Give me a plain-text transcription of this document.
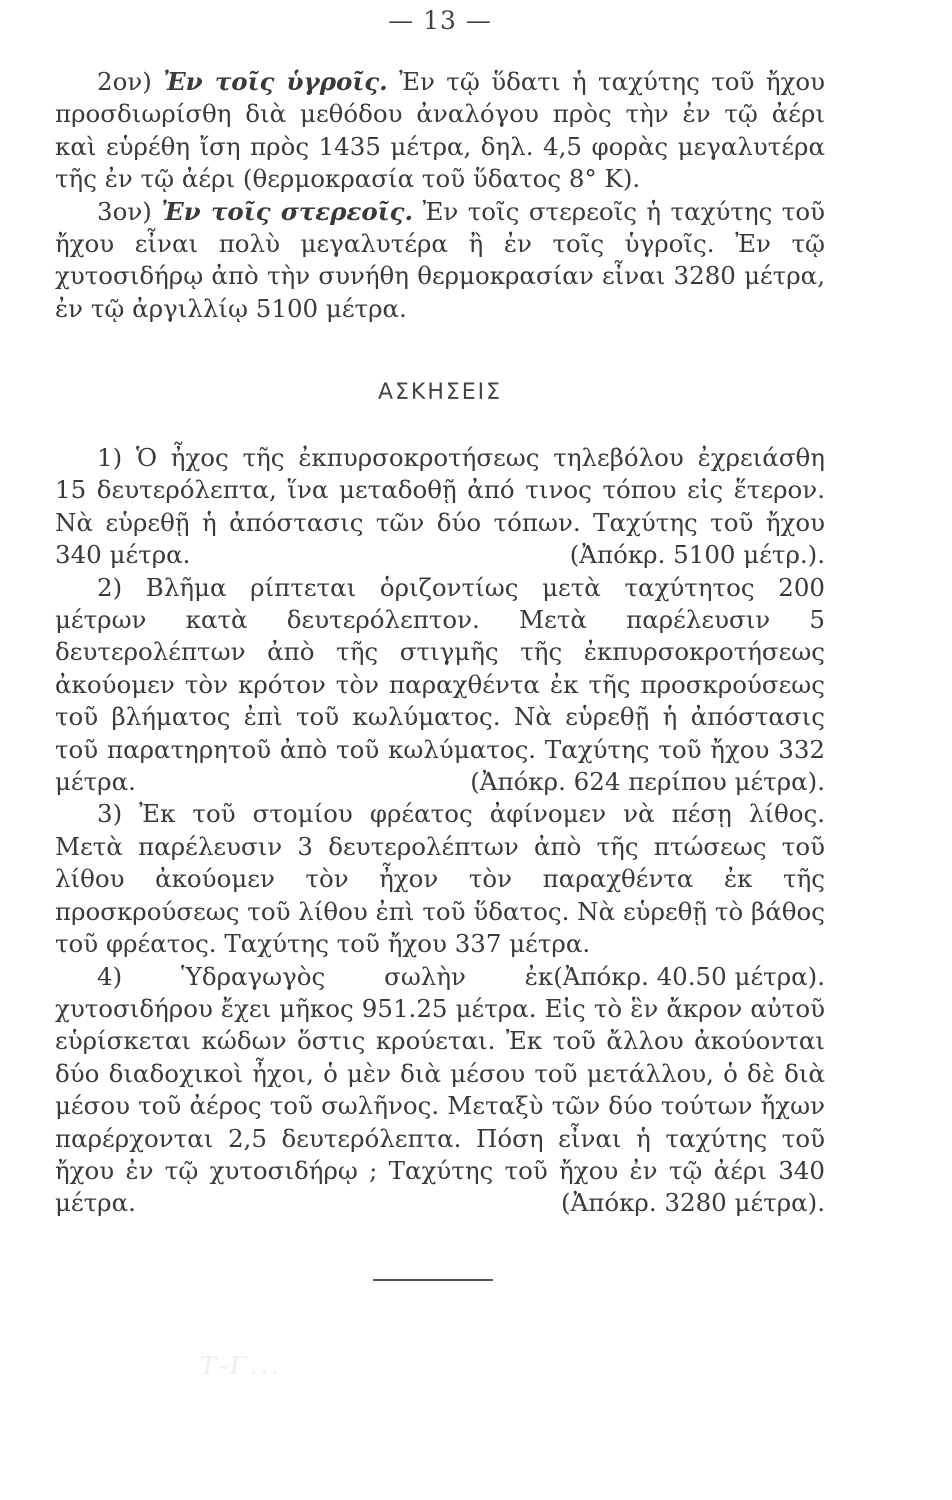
— 13 —

2ον) Ἐν τοῖς ὑγροῖς. Ἐν τῷ ὕδατι ἡ ταχύτης τοῦ ἤχου προσδιωρίσθη διὰ μεθόδου ἀναλόγου πρὸς τὴν ἐν τῷ ἀέρι καὶ εὑρέθη ἴση πρὸς 1435 μέτρα, δηλ. 4,5 φορὰς μεγαλυτέρα τῆς ἐν τῷ ἀέρι (θερμοκρασία τοῦ ὕδατος 8° Κ).

3ον) Ἐν τοῖς στερεοῖς. Ἐν τοῖς στερεοῖς ἡ ταχύτης τοῦ ἤχου εἶναι πολὺ μεγαλυτέρα ἢ ἐν τοῖς ὑγροῖς. Ἐν τῷ χυτοσιδήρῳ ἀπὸ τὴν συνήθη θερμοκρασίαν εἶναι 3280 μέτρα, ἐν τῷ ἀργιλλίῳ 5100 μέτρα.

ΑΣΚΗΣΕΙΣ

1) Ὁ ἦχος τῆς ἐκπυρσοκροτήσεως τηλεβόλου ἐχρειάσθη 15 δευτερόλεπτα, ἵνα μεταδοθῇ ἀπό τινος τόπου εἰς ἕτερον. Νὰ εὑρεθῇ ἡ ἀπόστασις τῶν δύο τόπων. Ταχύτης τοῦ ἤχου 340 μέτρα.	(Ἀπόκρ. 5100 μέτρ.).

2) Βλῆμα ρίπτεται ὁριζοντίως μετὰ ταχύτητος 200 μέτρων κατὰ δευτερόλεπτον. Μετὰ παρέλευσιν 5 δευτερολέπτων ἀπὸ τῆς στιγμῆς τῆς ἐκπυρσοκροτήσεως ἀκούομεν τὸν κρότον τὸν παραχθέντα ἐκ τῆς προσκρούσεως τοῦ βλήματος ἐπὶ τοῦ κωλύματος. Νὰ εὑρεθῇ ἡ ἀπόστασις τοῦ παρατηρητοῦ ἀπὸ τοῦ κωλύματος. Ταχύτης τοῦ ἤχου 332 μέτρα.	(Ἀπόκρ. 624 περίπου μέτρα).

3) Ἐκ τοῦ στομίου φρέατος ἀφίνομεν νὰ πέσῃ λίθος. Μετὰ παρέλευσιν 3 δευτερολέπτων ἀπὸ τῆς πτώσεως τοῦ λίθου ἀκούομεν τὸν ἦχον τὸν παραχθέντα ἐκ τῆς προσκρούσεως τοῦ λίθου ἐπὶ τοῦ ὕδατος. Νὰ εὑρεθῇ τὸ βάθος τοῦ φρέατος. Ταχύτης τοῦ ἤχου 337 μέτρα.
(Ἀπόκρ. 40.50 μέτρα).

4) Ὑδραγωγὸς σωλὴν ἐκ χυτοσιδήρου ἔχει μῆκος 951.25 μέτρα. Εἰς τὸ ἓν ἄκρον αὐτοῦ εὑρίσκεται κώδων ὅστις κρούεται. Ἐκ τοῦ ἄλλου ἀκούονται δύο διαδοχικοὶ ἦχοι, ὁ μὲν διὰ μέσου τοῦ μετάλλου, ὁ δὲ διὰ μέσου τοῦ ἀέρος τοῦ σωλῆνος. Μεταξὺ τῶν δύο τούτων ἤχων παρέρχονται 2,5 δευτερόλεπτα. Πόση εἶναι ἡ ταχύτης τοῦ ἤχου ἐν τῷ χυτοσιδήρῳ ; Ταχύτης τοῦ ἤχου ἐν τῷ ἀέρι 340 μέτρα.	(Ἀπόκρ. 3280 μέτρα).

Τ-Γ...
